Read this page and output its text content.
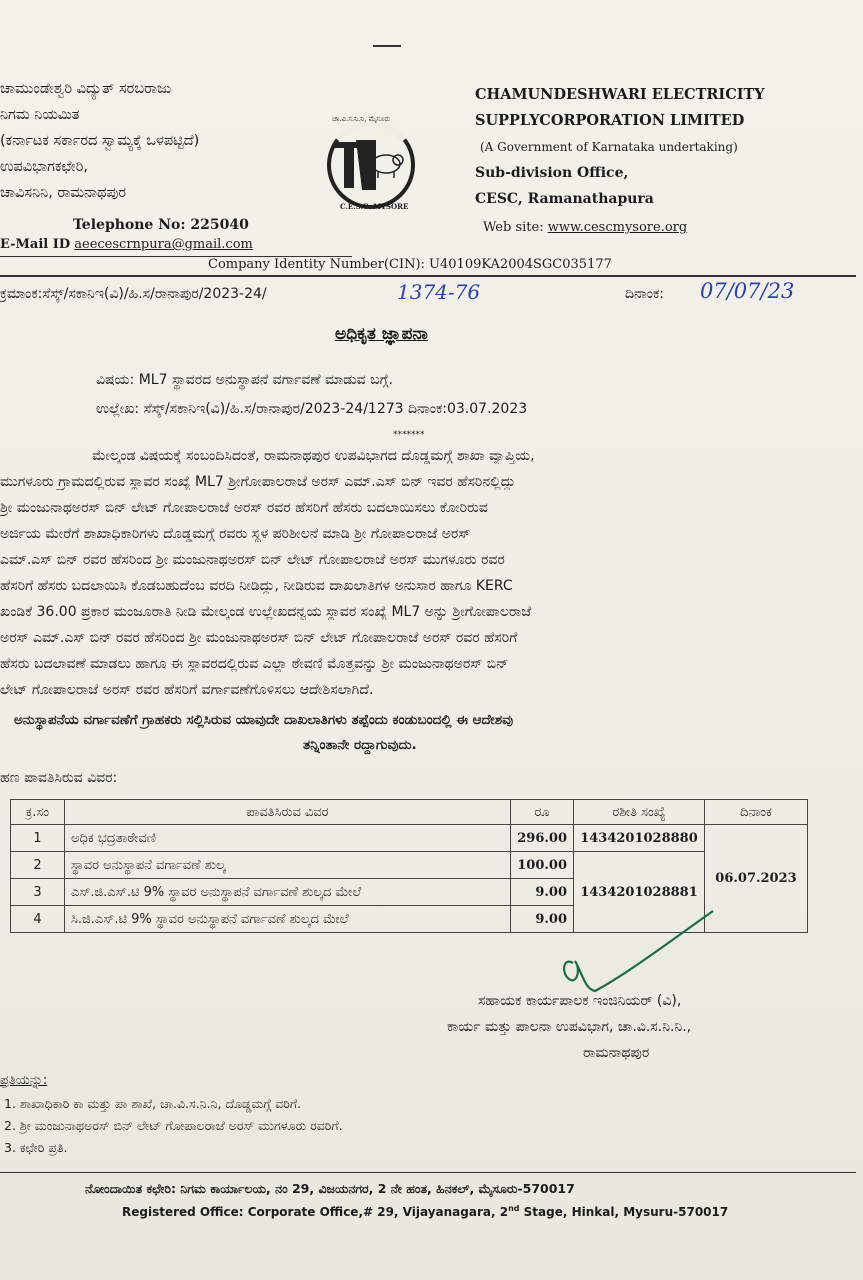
ಚಾಮುಂಡೇಶ್ವರಿ ವಿದ್ಯುತ್ ಸರಬರಾಜು
ನಿಗಮ ನಿಯಮಿತ
(ಕರ್ನಾಟಕ ಸರ್ಕಾರದ ಸ್ವಾಮ್ಯಕ್ಕೆ ಒಳಪಟ್ಟಿದೆ)
ಉಪವಿಭಾಗಕಛೇರಿ,
ಚಾವಿಸನಿನಿ, ರಾಮನಾಥಪುರ
Telephone No: 225040
E-Mail ID aeecescrnpura@gmail.com
ಚಾ.ವಿ.ಸ.ನಿ.ನಿ, ಮೈಸೂರು
C.E.S.C. MYSORE
CHAMUNDESHWARI ELECTRICITY
SUPPLYCORPORATION LIMITED
(A Government of Karnataka undertaking)
Sub-division Office,
CESC, Ramanathapura
Web site: www.cescmysore.org
Company Identity Number(CIN): U40109KA2004SGC035177
ಕ್ರಮಾಂಕ:ಸೆಸ್ಕ್/ಸಕಾನಿಇ(ವಿ)/ಹಿ.ಸ/ರಾನಾಪುರ/2023-24/	1374-76	ದಿನಾಂಕ: 07/07/23
ಅಧಿಕೃತ ಜ್ಞಾಪನಾ
ವಿಷಯ: ML7 ಸ್ಥಾವರದ ಅನುಸ್ಥಾಪನೆ ವರ್ಗಾವಣೆ ಮಾಡುವ ಬಗ್ಗೆ.
ಉಲ್ಲೇಖ: ಸೆಸ್ಕ್/ಸಕಾನಿಇ(ವಿ)/ಹಿ.ಸ/ರಾನಾಪುರ/2023-24/1273 ದಿನಾಂಕ:03.07.2023
*******
ಮೇಲ್ಕಂಡ ವಿಷಯಕ್ಕೆ ಸಂಬಂದಿಸಿದಂತೆ, ರಾಮನಾಥಪುರ ಉಪವಿಭಾಗದ ದೊಡ್ಡಮಗ್ಗೆ ಶಾಖಾ ವ್ಯಾಪ್ತಿಯ,
ಮುಗಳೂರು ಗ್ರಾಮದಲ್ಲಿರುವ ಸ್ಥಾವರ ಸಂಖ್ಯೆ ML7 ಶ್ರೀಗೋಪಾಲರಾಜೆ ಅರಸ್ ಎಮ್.ಎಸ್ ಬಿನ್ ಇವರ ಹೆಸರಿನಲ್ಲಿದ್ದು
ಶ್ರೀ ಮಂಜುನಾಥಅರಸ್ ಬಿನ್ ಲೇಟ್ ಗೋಪಾಲರಾಜೆ ಅರಸ್ ರವರ ಹೆಸರಿಗೆ ಹೆಸರು ಬದಲಾಯಿಸಲು ಕೋರಿರುವ
ಅರ್ಜಿಯ ಮೇರೆಗೆ ಶಾಖಾಧಿಕಾರಿಗಳು ದೊಡ್ಡಮಗ್ಗೆ ರವರು ಸ್ಥಳ ಪರಿಶೀಲನೆ ಮಾಡಿ ಶ್ರೀ ಗೋಪಾಲರಾಜೆ ಅರಸ್
ಎಮ್.ಎಸ್ ಬಿನ್ ರವರ ಹೆಸರಿಂದ ಶ್ರೀ ಮಂಜುನಾಥಅರಸ್ ಬಿನ್ ಲೇಟ್ ಗೋಪಾಲರಾಜೆ ಅರಸ್ ಮುಗಳೂರು ರವರ
ಹೆಸರಿಗೆ ಹೆಸರು ಬದಲಾಯಿಸಿ ಕೊಡಬಹುದೆಂಬ ವರದಿ ನೀಡಿದ್ದು, ನೀಡಿರುವ ದಾಖಲಾತಿಗಳ ಅನುಸಾರ ಹಾಗೂ KERC
ಖಂಡಿಕೆ 36.00 ಪ್ರಕಾರ ಮಂಜೂರಾತಿ ನೀಡಿ ಮೇಲ್ಕಂಡ ಉಲ್ಲೇಖದನ್ವಯ ಸ್ಥಾವರ ಸಂಖ್ಯೆ ML7 ಅನ್ನು ಶ್ರೀಗೋಪಾಲರಾಜೆ
ಅರಸ್ ಎಮ್.ಎಸ್ ಬಿನ್ ರವರ ಹೆಸರಿಂದ ಶ್ರೀ ಮಂಜುನಾಥಅರಸ್ ಬಿನ್ ಲೇಟ್ ಗೋಪಾಲರಾಜೆ ಅರಸ್ ರವರ ಹೆಸರಿಗೆ
ಹೆಸರು ಬದಲಾವಣೆ ಮಾಡಲು ಹಾಗೂ ಈ ಸ್ಥಾವರದಲ್ಲಿರುವ ಎಲ್ಲಾ ಠೇವಣಿ ಮೊತ್ತವನ್ನು ಶ್ರೀ ಮಂಜುನಾಥಅರಸ್ ಬಿನ್
ಲೇಟ್ ಗೋಪಾಲರಾಜೆ ಅರಸ್ ರವರ ಹೆಸರಿಗೆ ವರ್ಗಾವಣೆಗೊಳಿಸಲು ಆದೇಶಿಸಲಾಗಿದೆ.
ಅನುಸ್ಥಾಪನೆಯ ವರ್ಗಾವಣೆಗೆ ಗ್ರಾಹಕರು ಸಲ್ಲಿಸಿರುವ ಯಾವುದೇ ದಾಖಲಾತಿಗಳು ತಪ್ಪೆಂದು ಕಂಡುಬಂದಲ್ಲಿ ಈ ಆದೇಶವು
ತನ್ನಿಂತಾನೇ ರದ್ದಾಗುವುದು.
ಹಣ ಪಾವತಿಸಿರುವ ವಿವರ:
ಕ್ರ.ಸಂ	ಪಾವತಿಸಿರುವ ವಿವರ	ರೂ	ರಶೀತಿ ಸಂಖ್ಯೆ	ದಿನಾಂಕ
1	ಅಧಿಕ ಭದ್ರತಾಠೇವಣಿ	296.00	1434201028880	06.07.2023
2	ಸ್ಥಾವರ ಅನುಸ್ಥಾಪನೆ ವರ್ಗಾವಣೆ ಶುಲ್ಕ	100.00	1434201028881	
3	ಎಸ್.ಜಿ.ಎಸ್.ಟಿ 9% ಸ್ಥಾವರ ಅನುಸ್ಥಾಪನೆ ವರ್ಗಾವಣೆ ಶುಲ್ಕದ ಮೇಲೆ	9.00		
4	ಸಿ.ಜಿ.ಎಸ್.ಟಿ 9% ಸ್ಥಾವರ ಅನುಸ್ಥಾಪನೆ ವರ್ಗಾವಣೆ ಶುಲ್ಕದ ಮೇಲೆ	9.00		
ಸಹಾಯಕ ಕಾರ್ಯಪಾಲಕ ಇಂಜಿನಿಯರ್ (ವಿ),
ಕಾರ್ಯ ಮತ್ತು ಪಾಲನಾ ಉಪವಿಭಾಗ, ಚಾ.ವಿ.ಸ.ನಿ.ನಿ.,
ರಾಮನಾಥಪುರ
ಪ್ರತಿಯನ್ನು:
1. ಶಾಖಾಧಿಕಾರಿ ಕಾ ಮತ್ತು ಪಾ ಶಾಖೆ, ಚಾ.ವಿ.ಸ.ನಿ.ನಿ, ದೊಡ್ಡಮಗ್ಗೆ ವರಿಗೆ.
2. ಶ್ರೀ ಮಂಜುನಾಥಅರಸ್ ಬಿನ್ ಲೇಟ್ ಗೋಪಾಲರಾಜೆ ಅರಸ್ ಮುಗಳೂರು ರವರಿಗೆ.
3. ಕಛೇರಿ ಪ್ರತಿ.
ನೋಂದಾಯಿತ ಕಛೇರಿ: ನಿಗಮ ಕಾರ್ಯಾಲಯ, ನಂ 29, ವಿಜಯನಗರ, 2 ನೇ ಹಂತ, ಹಿನಕಲ್, ಮೈಸೂರು-570017
Registered Office: Corporate Office,# 29, Vijayanagara, 2nd Stage, Hinkal, Mysuru-570017
